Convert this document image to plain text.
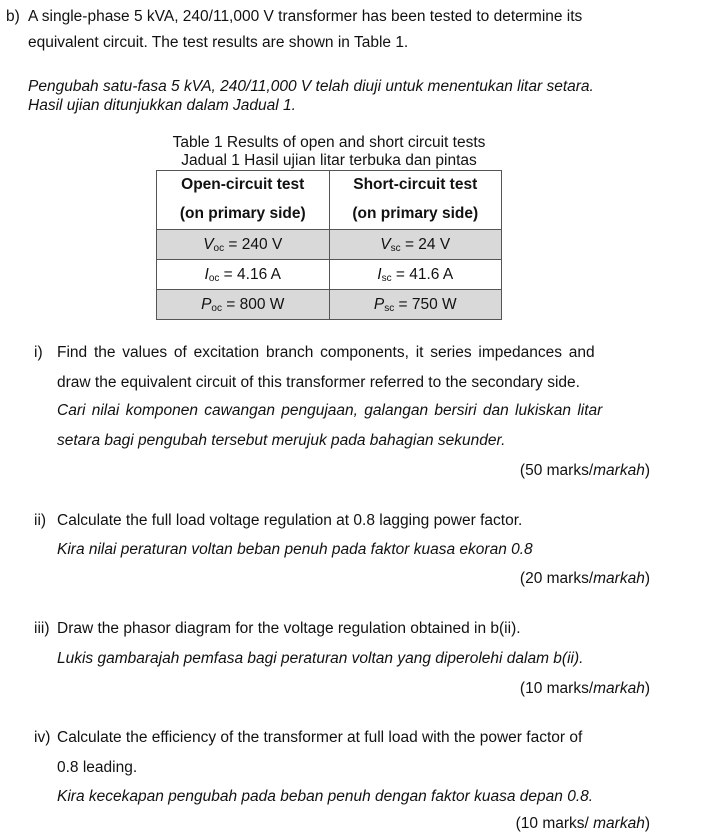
b) A single-phase 5 kVA, 240/11,000 V transformer has been tested to determine its
equivalent circuit. The test results are shown in Table 1.
Pengubah satu-fasa 5 kVA, 240/11,000 V telah diuji untuk menentukan litar setara.
Hasil ujian ditunjukkan dalam Jadual 1.
Table 1 Results of open and short circuit tests
Jadual 1 Hasil ujian litar terbuka dan pintas
Open-circuit test	Short-circuit test
(on primary side)	(on primary side)
$V_{oc} = 240$ V	$V_{sc} = 24$ V
$I_{oc} = 4.16$ A	$I_{sc} = 41.6$ A
$P_{oc} = 800$ W	$P_{sc} = 750$ W
i) Find the values of excitation branch components, it series impedances and
draw the equivalent circuit of this transformer referred to the secondary side.
Cari nilai komponen cawangan pengujaan, galangan bersiri dan lukiskan litar
setara bagi pengubah tersebut merujuk pada bahagian sekunder.
(50 marks/markah)
ii) Calculate the full load voltage regulation at 0.8 lagging power factor.
Kira nilai peraturan voltan beban penuh pada faktor kuasa ekoran 0.8
(20 marks/markah)
iii) Draw the phasor diagram for the voltage regulation obtained in b(ii).
Lukis gambarajah pemfasa bagi peraturan voltan yang diperolehi dalam b(ii).
(10 marks/markah)
iv) Calculate the efficiency of the transformer at full load with the power factor of
0.8 leading.
Kira kecekapan pengubah pada beban penuh dengan faktor kuasa depan 0.8.
(10 marks/ markah)
